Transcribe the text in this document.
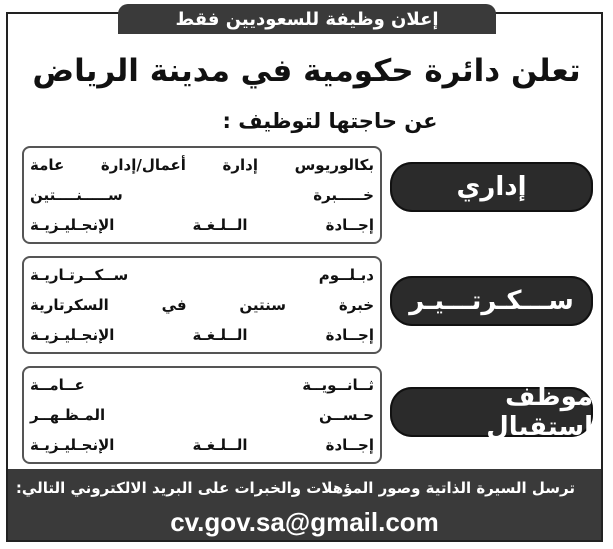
إعلان وظيفة للسعوديين فقط
تعلن دائرة حكومية في مدينة الرياض
عن حاجتها لتوظيف :
إداري
بكالوريوس إدارة أعمال/إدارة عامة
خـــــبرة ســـــنــــتين
إجــادة الــلـغـة الإنجـليـزيـة
ســـكـرتـــيـر
دبـلــوم ســكــرتـاريـة
خبرة سنتين في السكرتارية
إجــادة الــلـغـة الإنجـليـزيـة
موظف استقبال
ثــانــويــة عــامــة
حـســن المـظـهــر
إجــادة الــلـغـة الإنجـليـزيـة
ترسل السيرة الذاتية وصور المؤهلات والخبرات على البريد الالكتروني التالي:
cv.gov.sa@gmail.com
